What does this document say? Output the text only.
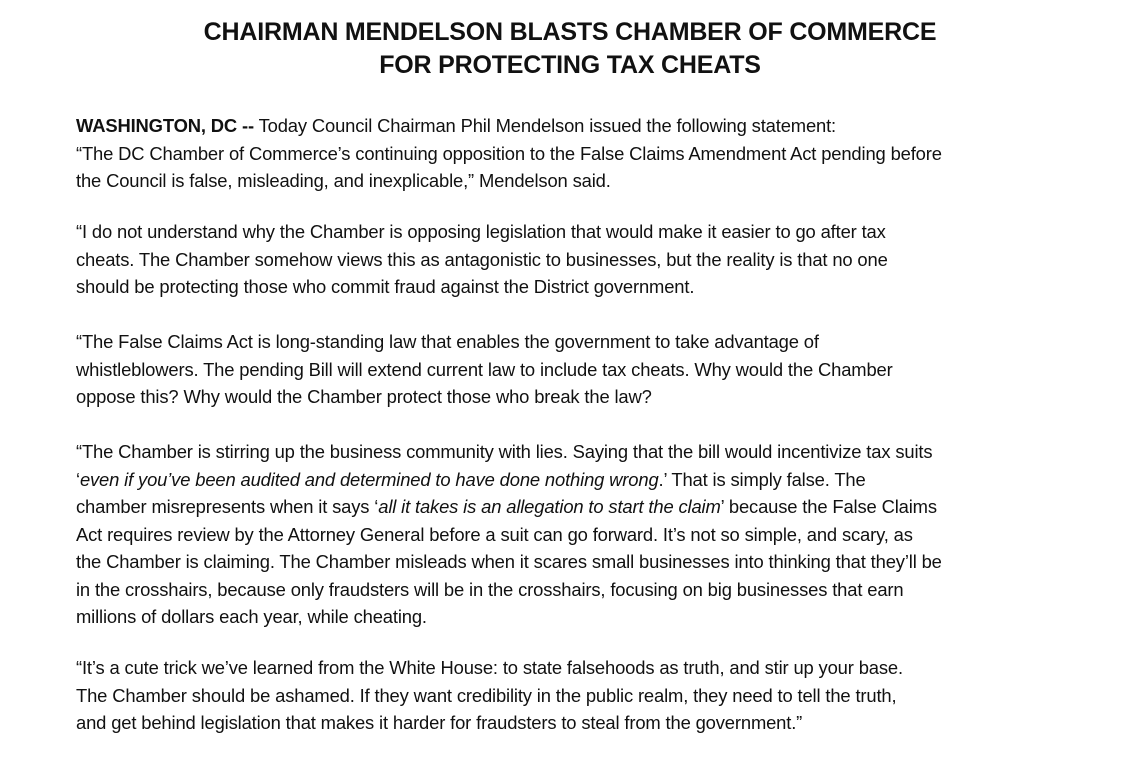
CHAIRMAN MENDELSON BLASTS CHAMBER OF COMMERCE
FOR PROTECTING TAX CHEATS
WASHINGTON, DC -- Today Council Chairman Phil Mendelson issued the following statement:
“The DC Chamber of Commerce’s continuing opposition to the False Claims Amendment Act pending before
the Council is false, misleading, and inexplicable,” Mendelson said.
“I do not understand why the Chamber is opposing legislation that would make it easier to go after tax
cheats. The Chamber somehow views this as antagonistic to businesses, but the reality is that no one
should be protecting those who commit fraud against the District government.
“The False Claims Act is long-standing law that enables the government to take advantage of
whistleblowers. The pending Bill will extend current law to include tax cheats. Why would the Chamber
oppose this? Why would the Chamber protect those who break the law?
“The Chamber is stirring up the business community with lies. Saying that the bill would incentivize tax suits
‘even if you’ve been audited and determined to have done nothing wrong.’ That is simply false. The
chamber misrepresents when it says ‘all it takes is an allegation to start the claim’ because the False Claims
Act requires review by the Attorney General before a suit can go forward. It’s not so simple, and scary, as
the Chamber is claiming. The Chamber misleads when it scares small businesses into thinking that they’ll be
in the crosshairs, because only fraudsters will be in the crosshairs, focusing on big businesses that earn
millions of dollars each year, while cheating.
“It’s a cute trick we’ve learned from the White House: to state falsehoods as truth, and stir up your base.
The Chamber should be ashamed. If they want credibility in the public realm, they need to tell the truth,
and get behind legislation that makes it harder for fraudsters to steal from the government.”
